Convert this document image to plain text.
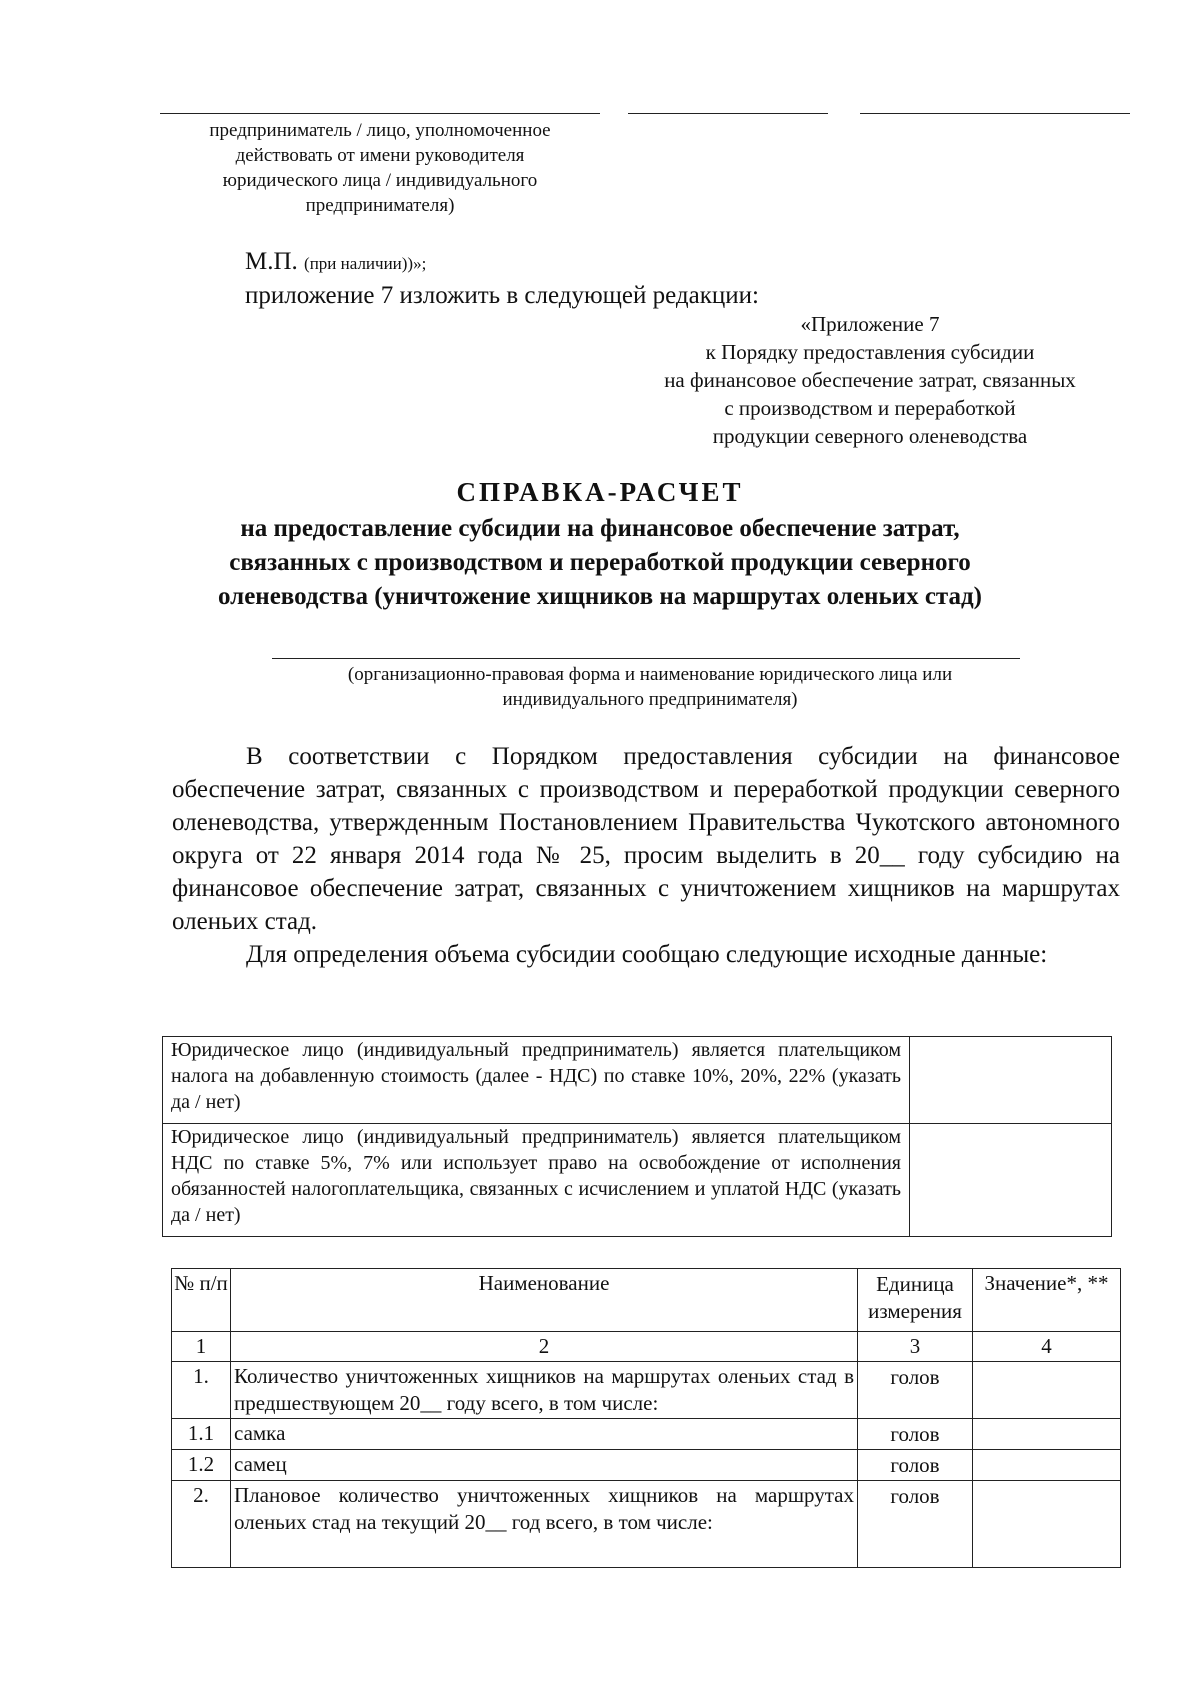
предприниматель / лицо, уполномоченное
действовать от имени руководителя
юридического лица / индивидуального
предпринимателя)
М.П. (при наличии))»;
приложение 7 изложить в следующей редакции:
«Приложение 7
к Порядку предоставления субсидии
на финансовое обеспечение затрат, связанных
с производством и переработкой
продукции северного оленеводства
СПРАВКА-РАСЧЕТ
на предоставление субсидии на финансовое обеспечение затрат,
связанных с производством и переработкой продукции северного
оленеводства (уничтожение хищников на маршрутах оленьих стад)
(организационно-правовая форма и наименование юридического лица или
индивидуального предпринимателя)
В соответствии с Порядком предоставления субсидии на финансовое обеспечение затрат, связанных с производством и переработкой продукции северного оленеводства, утвержденным Постановлением Правительства Чукотского автономного округа от 22 января 2014 года № 25, просим выделить в 20__ году субсидию на финансовое обеспечение затрат, связанных с уничтожением хищников на маршрутах оленьих стад.
Для определения объема субсидии сообщаю следующие исходные данные:
Юридическое лицо (индивидуальный предприниматель) является плательщиком налога на добавленную стоимость (далее - НДС) по ставке 10%, 20%, 22% (указать да / нет)	
Юридическое лицо (индивидуальный предприниматель) является плательщиком НДС по ставке 5%, 7% или использует право на освобождение от исполнения обязанностей налогоплательщика, связанных с исчислением и уплатой НДС (указать да / нет)	
№ п/п	Наименование	Единица измерения	Значение*, **
1	2	3	4
1.	Количество уничтоженных хищников на маршрутах оленьих стад в предшествующем 20__ году всего, в том числе:	голов	
1.1	самка	голов	
1.2	самец	голов	
2.	Плановое количество уничтоженных хищников на маршрутах оленьих стад на текущий 20__ год всего, в том числе:	голов	
